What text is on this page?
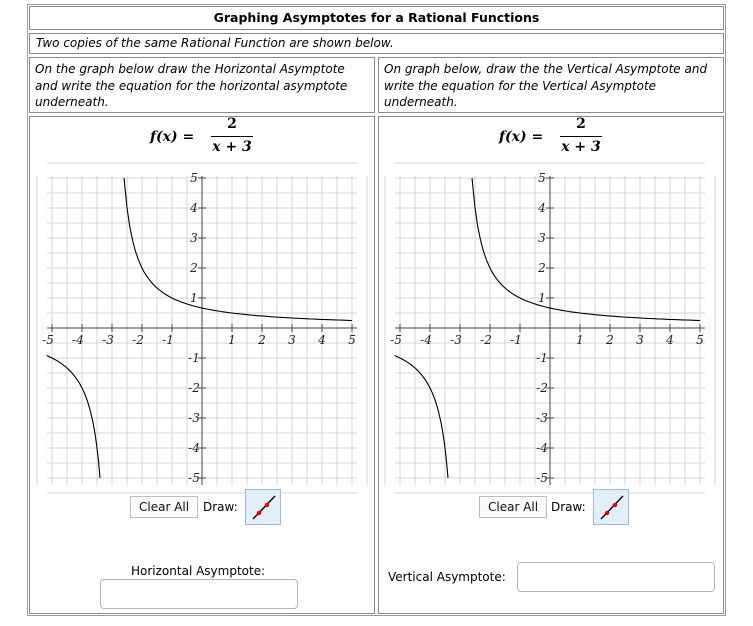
Graphing Asymptotes for a Rational Functions
Two copies of the same Rational Function are shown below.
On the graph below draw the Horizontal Asymptote and write the equation for the horizontal asymptote underneath.
On graph below, draw the the Vertical Asymptote and write the equation for the Vertical Asymptote underneath.
f(x) =
2
x + 3
-5 -4 -3 -2 -1	1 2 3 4 5
5
4
3
2
1
-1
-2
-3
-4
-5
Clear All	Draw:
Horizontal Asymptote:
f(x) =
2
x + 3
-5 -4 -3 -2 -1	1 2 3 4 5
5
4
3
2
1
-1
-2
-3
-4
-5
Clear All	Draw:
Vertical Asymptote:
